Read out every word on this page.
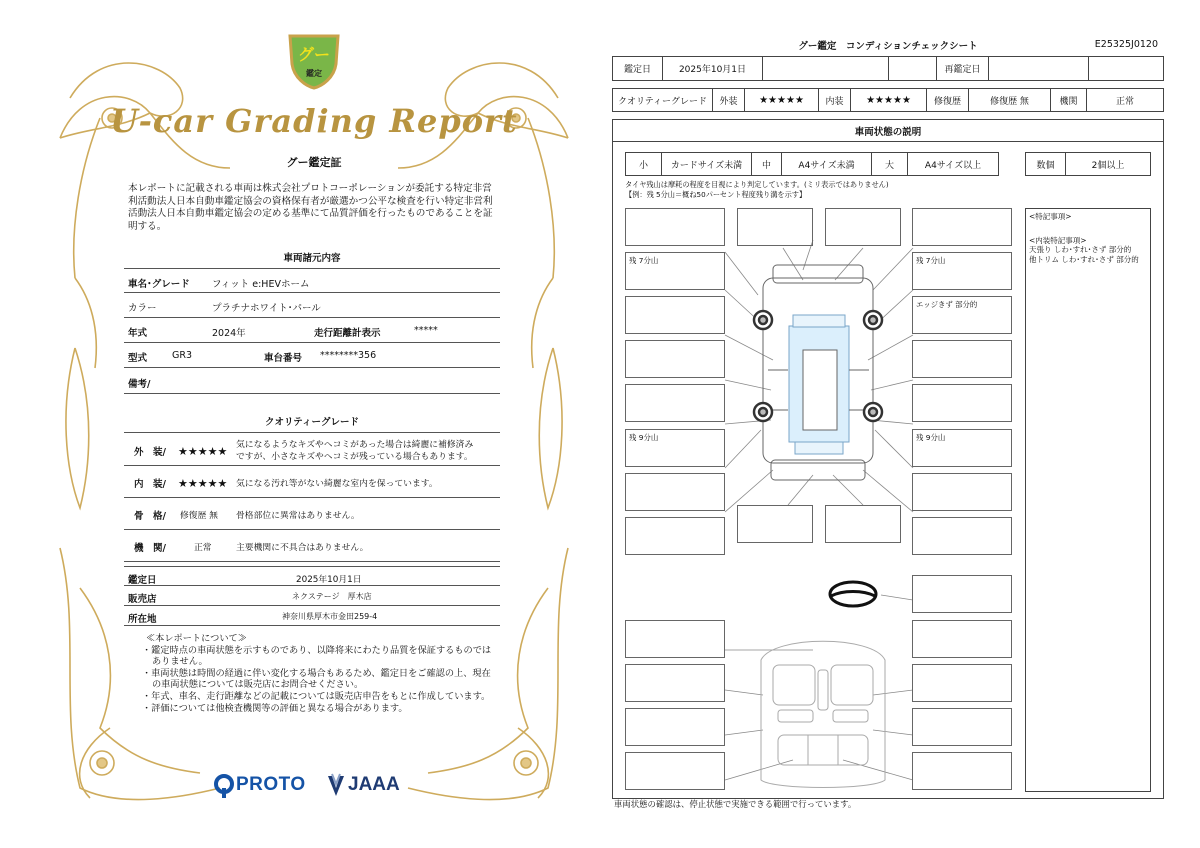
グー
鑑定
U-car Grading Report
グー鑑定証
本レポートに記載される車両は株式会社プロトコーポレーションが委託する特定非営利活動法人日本自動車鑑定協会の資格保有者が厳選かつ公平な検査を行い特定非営利活動法人日本自動車鑑定協会の定める基準にて品質評価を行ったものであることを証明する。
車両諸元内容
車名･グレード フィット e:HEVホーム
カラー	プラチナホワイト･パール
年式	2024年	走行距離計表示	*****
型式	GR3	車台番号 ********356
備考/
クオリティーグレード
外　装/ ★★★★★ 気になるようなキズやヘコミがあった場合は綺麗に補修済み
ですが、小さなキズやヘコミが残っている場合もあります。
内　装/ ★★★★★ 気になる汚れ等がない綺麗な室内を保っています。
骨　格/ 修復歴 無 骨格部位に異常はありません。
機　関/	正常	主要機関に不具合はありません。
鑑定日	2025年10月1日
販売店	ネクステージ　厚木店
所在地	神奈川県厚木市金田259-4
≪本レポートについて≫
・鑑定時点の車両状態を示すものであり、以降将来にわたり品質を保証するものではありません。
・車両状態は時間の経過に伴い変化する場合もあるため、鑑定日をご確認の上、現在の車両状態については販売店にお問合せください。
・年式、車名、走行距離などの記載については販売店申告をもとに作成しています。
・評価については他検査機関等の評価と異なる場合があります。
PROTO JAAA
グー鑑定　コンディションチェックシート	E25325J0120
鑑定日	2025年10月1日	再鑑定日
クオリティーグレード	外装	★★★★★	内装	★★★★★	修復歴	修復歴 無	機関	正常
車両状態の説明
小	カードサイズ未満	中	A4サイズ未満	大	A4サイズ以上	数個	2個以上
タイヤ残山は摩耗の程度を目視により判定しています。(ミリ表示ではありません)
【例：残 5分山＝概ね50パーセント程度残り溝を示す】
残 7分山
残 9分山
残 7分山
エッジきず 部分的
残 9分山
<特記事項>
<内装特記事項>
天張り しわ･すれ･さず 部分的
他トリム しわ･すれ･さず 部分的
車両状態の確認は、停止状態で実施できる範囲で行っています。
